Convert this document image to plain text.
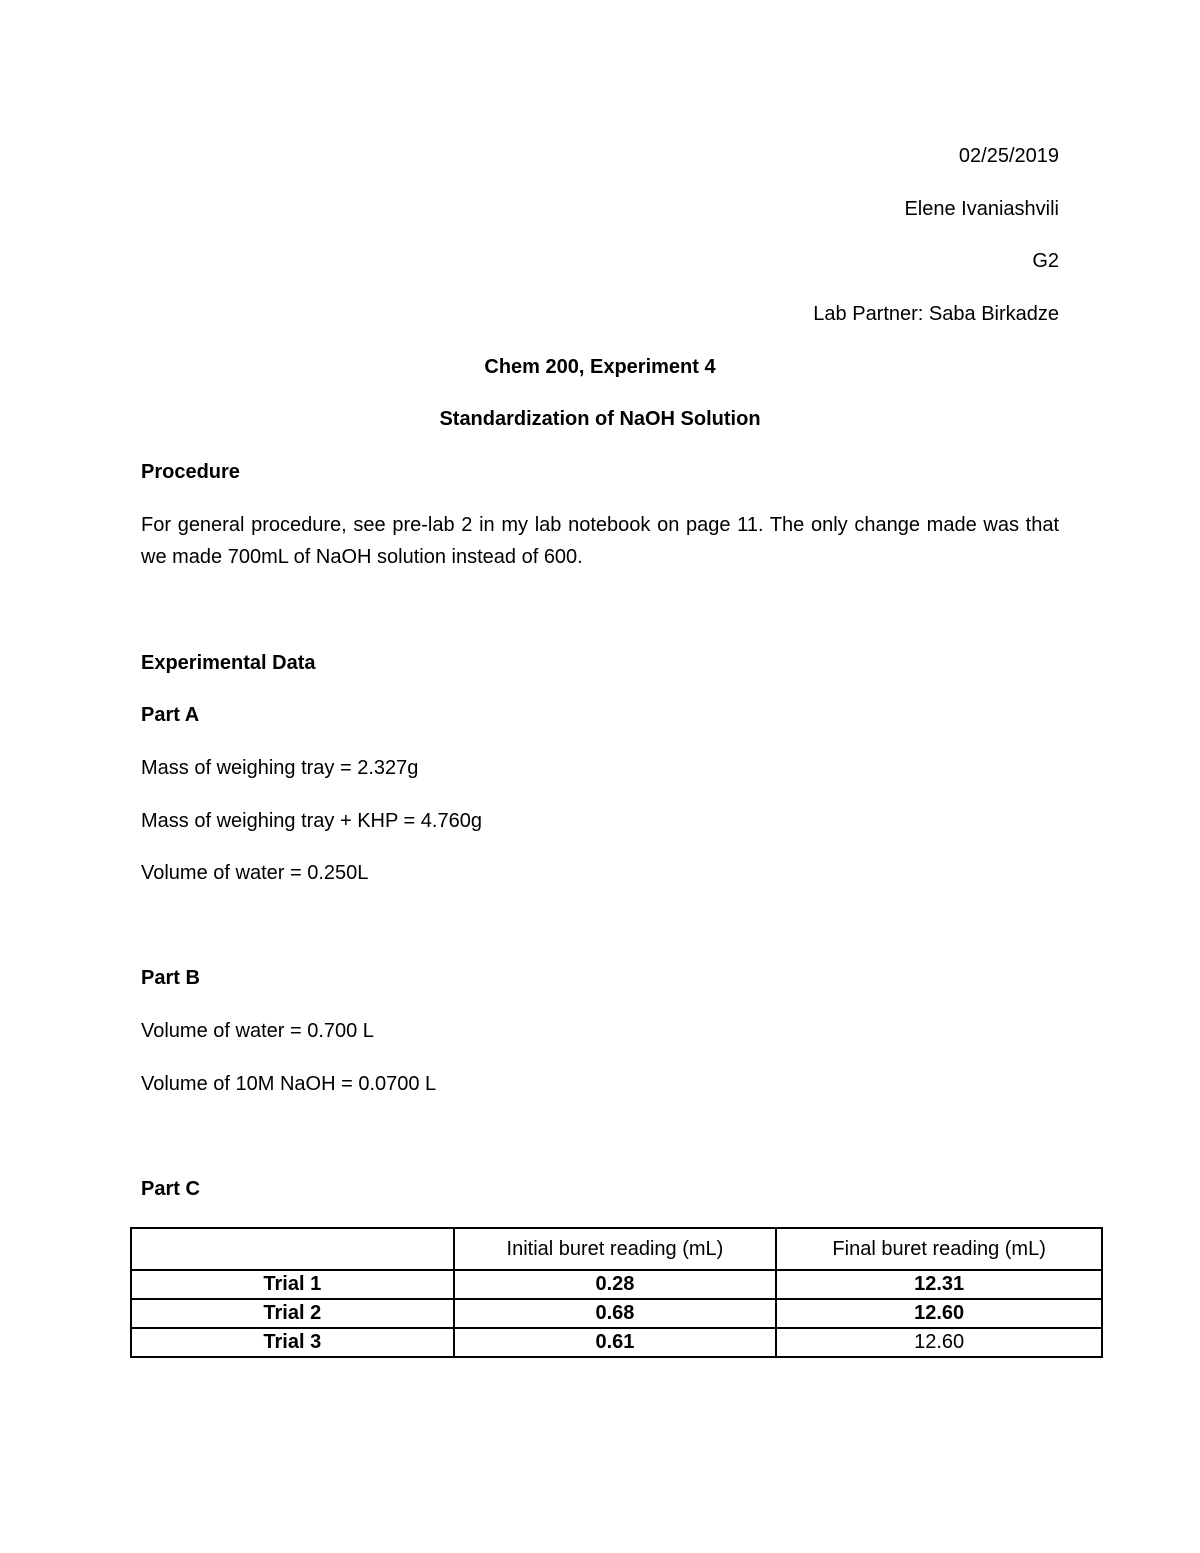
02/25/2019
Elene Ivaniashvili
G2
Lab Partner: Saba Birkadze
Chem 200, Experiment 4
Standardization of NaOH Solution
Procedure
For general procedure, see pre-lab 2 in my lab notebook on page 11. The only change made was that we made 700mL of NaOH solution instead of 600.
Experimental Data
Part A
Mass of weighing tray = 2.327g
Mass of weighing tray + KHP = 4.760g
Volume of water = 0.250L
Part B
Volume of water = 0.700 L
Volume of 10M NaOH = 0.0700 L
Part C
	Initial buret reading (mL)	Final buret reading (mL)
Trial 1	0.28	12.31
Trial 2	0.68	12.60
Trial 3	0.61	12.60
